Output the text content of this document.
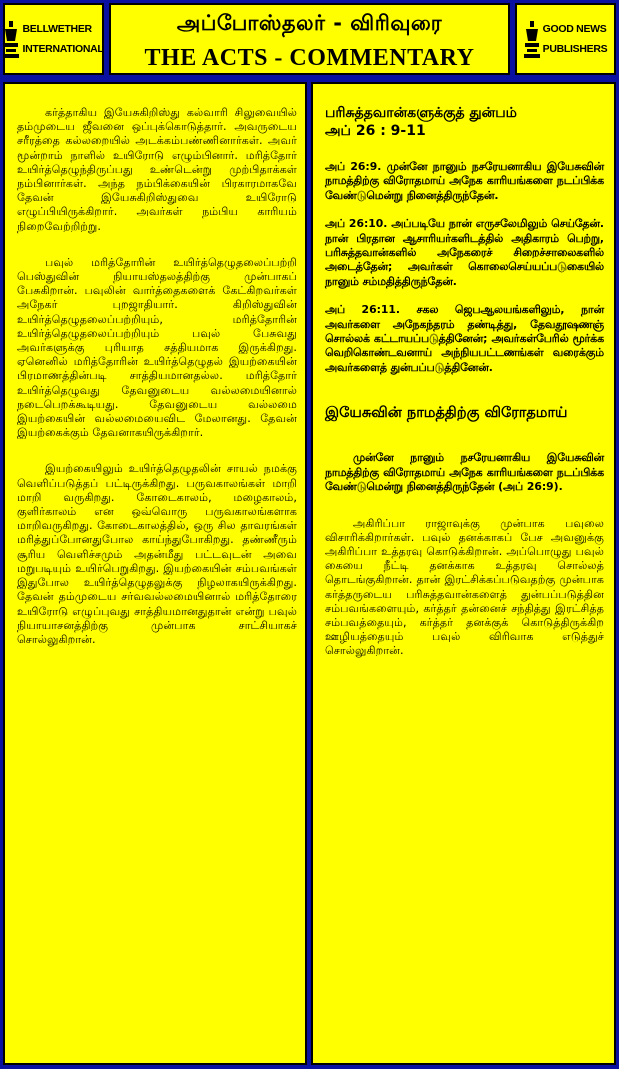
BELLWETHER
INTERNATIONAL
அப்போஸ்தலர் - விரிவுரை
THE ACTS - COMMENTARY
GOOD NEWS
PUBLISHERS

கர்த்தாகிய இயேசுகிறிஸ்து கல்வாரி சிலுவையில் தம்முடைய ஜீவனை ஒப்புக்கொடுத்தார். அவருடைய சரீரத்தை கல்லறையில் அடக்கம்பண்ணினார்கள். அவர் மூன்றாம் நாளில் உயிரோடு எழும்பினார். மரித்தோர் உயிர்த்தெழுந்திருப்பது உண்டென்று முற்பிதாக்கள் நம்பினார்கள். அந்த நம்பிக்கையின் பிரகாரமாகவே தேவன் இயேசுகிறிஸ்துவை உயிரோடு எழுப்பியிருக்கிறார். அவர்கள் நம்பிய காரியம் நிறைவேற்றிற்று.

பவுல் மரித்தோரின் உயிர்த்தெழுதலைப்பற்றி பெஸ்துவின் நியாயஸ்தலத்திற்கு முன்பாகப் பேசுகிறான். பவுலின் வார்த்தைகளைக் கேட்கிறவர்கள் அநேகர் புறஜாதியார். கிறிஸ்துவின் உயிர்த்தெழுதலைப்பற்றியும், மரித்தோரின் உயிர்த்தெழுதலைப்பற்றியும் பவுல் பேசுவது அவர்களுக்கு புரியாத சத்தியமாக இருக்கிறது. ஏனெனில் மரித்தோரின் உயிர்த்தெழுதல் இயற்கையின் பிரமாணத்தின்படி சாத்தியமானதல்ல. மரித்தோர் உயிர்த்தெழுவது தேவனுடைய வல்லமையினால் நடைபெறக்கூடியது. தேவனுடைய வல்லமை இயற்கையின் வல்லமையைவிட மேலானது. தேவன் இயற்கைக்கும் தேவனாகயிருக்கிறார்.

இயற்கையிலும் உயிர்த்தெழுதலின் சாயல் நமக்கு வெளிப்படுத்தப் பட்டிருக்கிறது. பருவகாலங்கள் மாறி மாறி வருகிறது. கோடைகாலம், மழைகாலம், குளிர்காலம் என ஒவ்வொரு பருவகாலங்களாக மாறிவருகிறது. கோடைகாலத்தில், ஒரு சில தாவரங்கள் மரித்துப்போனதுபோல காய்ந்துபோகிறது. தண்ணீரும் சூரிய வெளிச்சமும் அதன்மீது பட்டவுடன் அவை மறுபடியும் உயிர்பெறுகிறது. இயற்கையின் சம்பவங்கள் இதுபோல உயிர்த்தெழுதலுக்கு நிழலாகயிருக்கிறது. தேவன் தம்முடைய சர்வவல்லமையினால் மரித்தோரை உயிரோடு எழுப்புவது சாத்தியமானதுதான் என்று பவுல் நியாயாசனத்திற்கு முன்பாக சாட்சியாகச் சொல்லுகிறான்.

பரிசுத்தவான்களுக்குத் துன்பம்
அப் 26 : 9-11

அப் 26:9. முன்னே நானும் நசரேயனாகிய இயேசுவின் நாமத்திற்கு விரோதமாய் அநேக காரியங்களை நடப்பிக்க வேண்டுமென்று நினைத்திருந்தேன்.

அப் 26:10. அப்படியே நான் எருசலேமிலும் செய்தேன். நான் பிரதான ஆசாரியர்களிடத்தில் அதிகாரம் பெற்று, பரிசுத்தவான்களில் அநேகரைச் சிறைச்சாலைகளில் அடைத்தேன்; அவர்கள் கொலைசெய்யப்படுகையில் நானும் சம்மதித்திருந்தேன்.

அப் 26:11. சகல ஜெபஆலயங்களிலும், நான் அவர்களை அநேகந்தரம் தண்டித்து, தேவதூஷணஞ் சொல்லக் கட்டாயப்படுத்தினேன்; அவர்கள்பேரில் மூர்க்க வெறிகொண்டவனாய் அந்நியபட்டணங்கள் வரைக்கும் அவர்களைத் துன்பப்படுத்தினேன்.

இயேசுவின் நாமத்திற்கு விரோதமாய்

முன்னே நானும் நசரேயனாகிய இயேசுவின் நாமத்திற்கு விரோதமாய் அநேக காரியங்களை நடப்பிக்க வேண்டுமென்று நினைத்திருந்தேன் (அப் 26:9).

அகிரிப்பா ராஜாவுக்கு முன்பாக பவுலை விசாரிக்கிறார்கள். பவுல் தனக்காகப் பேச அவனுக்கு அகிரிப்பா உத்தரவு கொடுக்கிறான். அப்பொழுது பவுல் கையை நீட்டி தனக்காக உத்தரவு சொல்லத் தொடங்குகிறான். தான் இரட்சிக்கப்படுவதற்கு முன்பாக கர்த்தருடைய பரிசுத்தவான்களைத் துன்பப்படுத்தின சம்பவங்களையும், கர்த்தர் தன்னைச் சந்தித்து இரட்சித்த சம்பவத்தையும், கர்த்தர் தனக்குக் கொடுத்திருக்கிற ஊழியத்தையும் பவுல் விரிவாக எடுத்துச் சொல்லுகிறான்.
